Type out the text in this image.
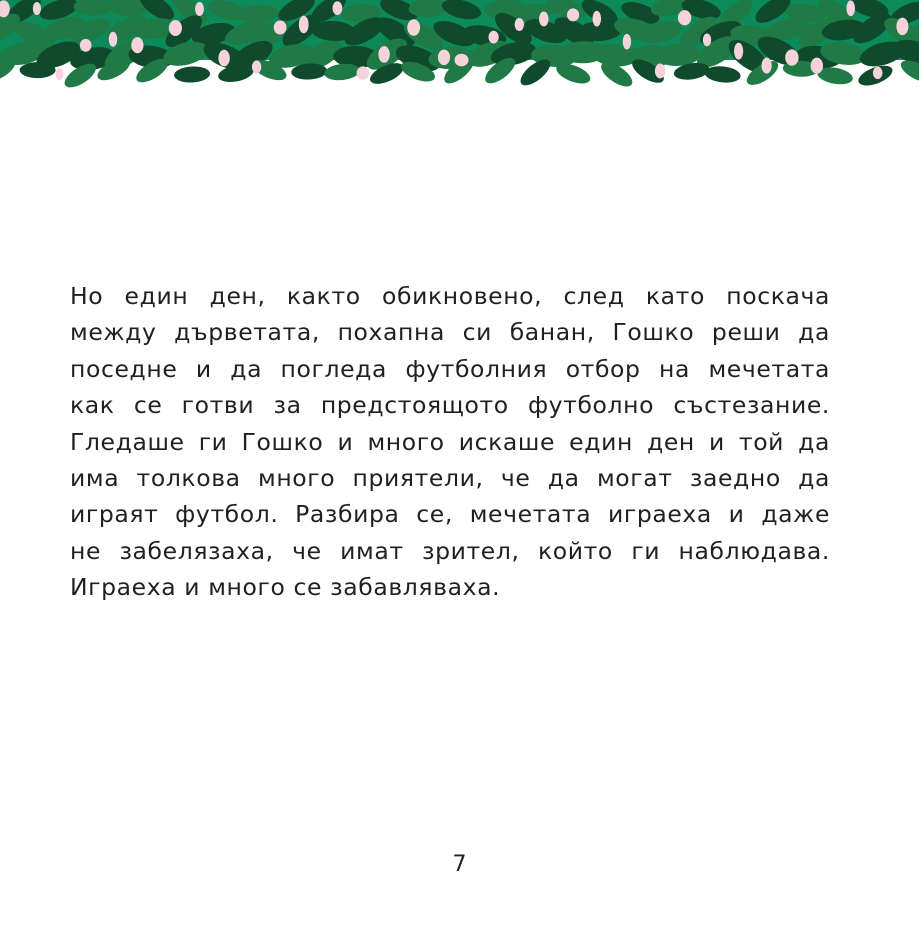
Но един ден, както обикновено, след като поскача
между дърветата, похапна си банан, Гошко реши да
поседне и да погледа футболния отбор на мечетата
как се готви за предстоящото футболно състезание.
Гледаше ги Гошко и много искаше един ден и той да
има толкова много приятели, че да могат заедно да
играят футбол. Разбира се, мечетата играеха и даже
не забелязаха, че имат зрител, който ги наблюдава.
Играеха и много се забавляваха.
7
